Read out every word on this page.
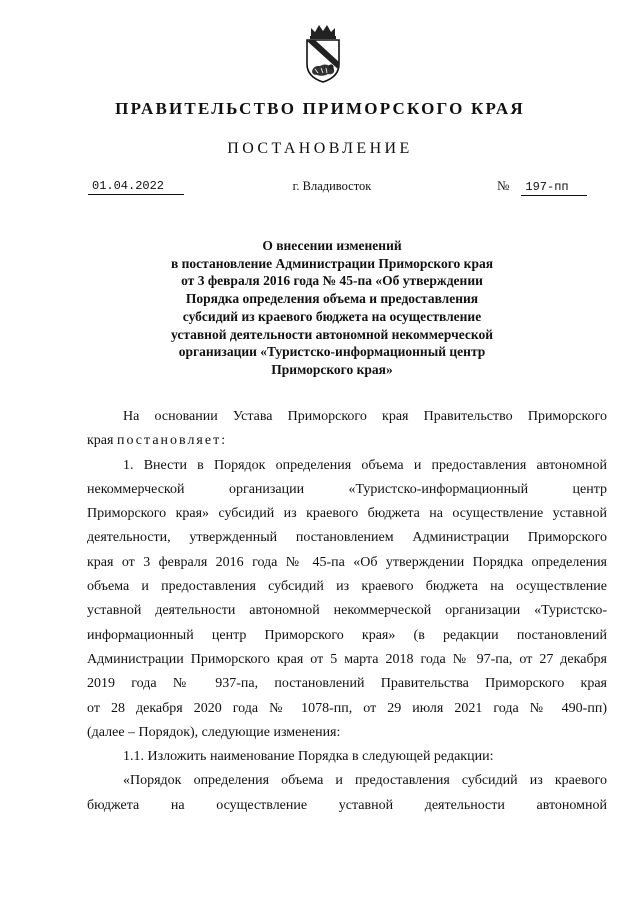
ПРАВИТЕЛЬСТВО ПРИМОРСКОГО КРАЯ
ПОСТАНОВЛЕНИЕ
01.04.2022	г. Владивосток	№ 197-пп
О внесении изменений
в постановление Администрации Приморского края
от 3 февраля 2016 года № 45-па «Об утверждении
Порядка определения объема и предоставления
субсидий из краевого бюджета на осуществление
уставной деятельности автономной некоммерческой
организации «Туристско-информационный центр
Приморского края»
На основании Устава Приморского края Правительство Приморского
края постановляет:
1. Внести в Порядок определения объема и предоставления автономной
некоммерческой организации «Туристско-информационный центр
Приморского края» субсидий из краевого бюджета на осуществление уставной
деятельности, утвержденный постановлением Администрации Приморского
края от 3 февраля 2016 года № 45-па «Об утверждении Порядка определения
объема и предоставления субсидий из краевого бюджета на осуществление
уставной деятельности автономной некоммерческой организации «Туристско-
информационный центр Приморского края» (в редакции постановлений
Администрации Приморского края от 5 марта 2018 года № 97-па, от 27 декабря
2019 года № 937-па, постановлений Правительства Приморского края
от 28 декабря 2020 года № 1078-пп, от 29 июля 2021 года № 490-пп)
(далее – Порядок), следующие изменения:
1.1. Изложить наименование Порядка в следующей редакции:
«Порядок определения объема и предоставления субсидий из краевого
бюджета на осуществление уставной деятельности автономной
